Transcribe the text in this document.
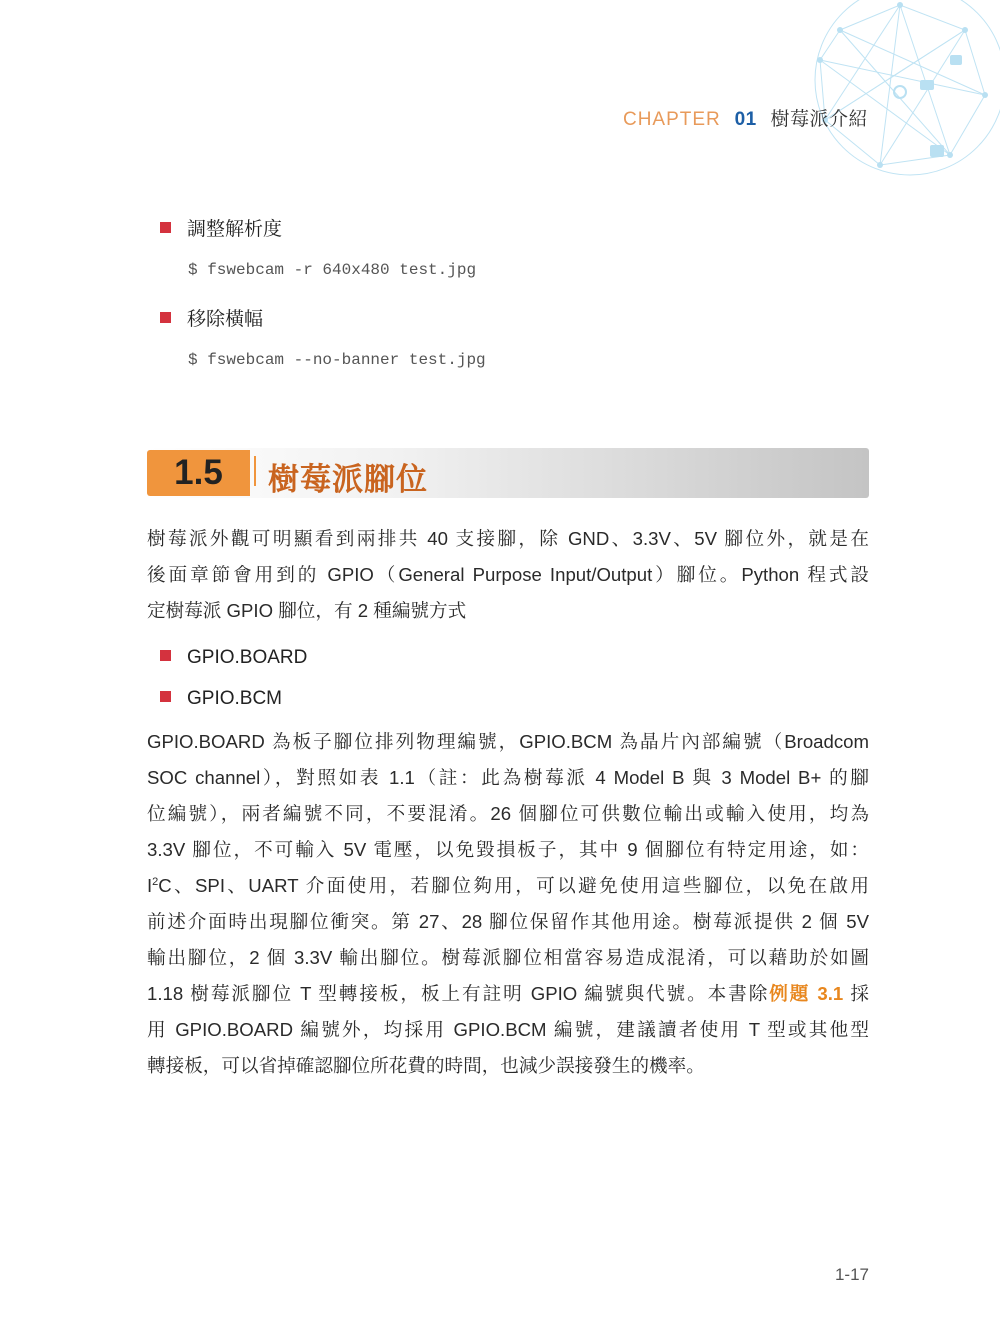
CHAPTER 01 樹莓派介紹
調整解析度
$ fswebcam -r 640x480 test.jpg
移除橫幅
$ fswebcam --no-banner test.jpg
1.5	樹莓派腳位
樹莓派外觀可明顯看到兩排共 40 支接腳，除 GND、3.3V、5V 腳位外，就是在
後面章節會用到的 GPIO（General Purpose Input/Output）腳位。Python 程式設
定樹莓派 GPIO 腳位，有 2 種編號方式
GPIO.BOARD
GPIO.BCM
GPIO.BOARD 為板子腳位排列物理編號，GPIO.BCM 為晶片內部編號（Broadcom
SOC channel），對照如表 1.1（註：此為樹莓派 4 Model B 與 3 Model B+ 的腳
位編號），兩者編號不同，不要混淆。26 個腳位可供數位輸出或輸入使用，均為
3.3V 腳位，不可輸入 5V 電壓，以免毀損板子，其中 9 個腳位有特定用途，如：
$I^2C$、SPI、UART 介面使用，若腳位夠用，可以避免使用這些腳位，以免在啟用
前述介面時出現腳位衝突。第 27、28 腳位保留作其他用途。樹莓派提供 2 個 5V
輸出腳位，2 個 3.3V 輸出腳位。樹莓派腳位相當容易造成混淆，可以藉助於如圖
1.18 樹莓派腳位 T 型轉接板，板上有註明 GPIO 編號與代號。本書除例題 3.1 採
用 GPIO.BOARD 編號外，均採用 GPIO.BCM 編號，建議讀者使用 T 型或其他型
轉接板，可以省掉確認腳位所花費的時間，也減少誤接發生的機率。
1-17
